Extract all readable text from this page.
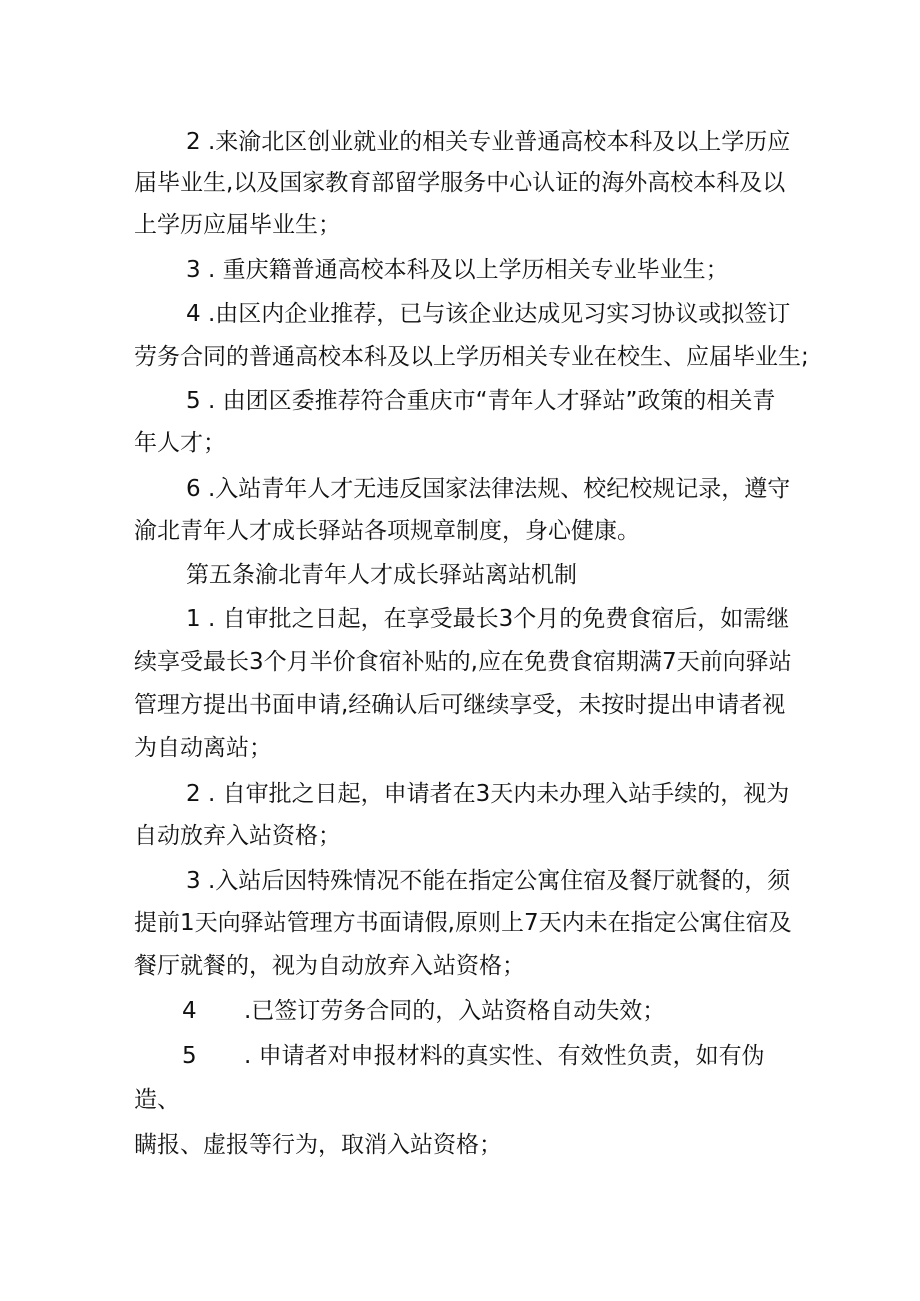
2 .来渝北区创业就业的相关专业普通高校本科及以上学历应
届毕业生,以及国家教育部留学服务中心认证的海外高校本科及以
上学历应届毕业生；
3 . 重庆籍普通高校本科及以上学历相关专业毕业生；
4 .由区内企业推荐，已与该企业达成见习实习协议或拟签订
劳务合同的普通高校本科及以上学历相关专业在校生、应届毕业生;
5 . 由团区委推荐符合重庆市“青年人才驿站”政策的相关青
年人才；
6 .入站青年人才无违反国家法律法规、校纪校规记录，遵守
渝北青年人才成长驿站各项规章制度，身心健康。
第五条渝北青年人才成长驿站离站机制
1 . 自审批之日起，在享受最长3个月的免费食宿后，如需继
续享受最长3个月半价食宿补贴的,应在免费食宿期满7天前向驿站
管理方提出书面申请,经确认后可继续享受，未按时提出申请者视
为自动离站；
2 . 自审批之日起，申请者在3天内未办理入站手续的，视为
自动放弃入站资格；
3 .入站后因特殊情况不能在指定公寓住宿及餐厅就餐的，须
提前1天向驿站管理方书面请假,原则上7天内未在指定公寓住宿及
餐厅就餐的，视为自动放弃入站资格；
4 .已签订劳务合同的，入站资格自动失效；
5 . 申请者对申报材料的真实性、有效性负责，如有伪
造、
瞒报、虚报等行为，取消入站资格；
